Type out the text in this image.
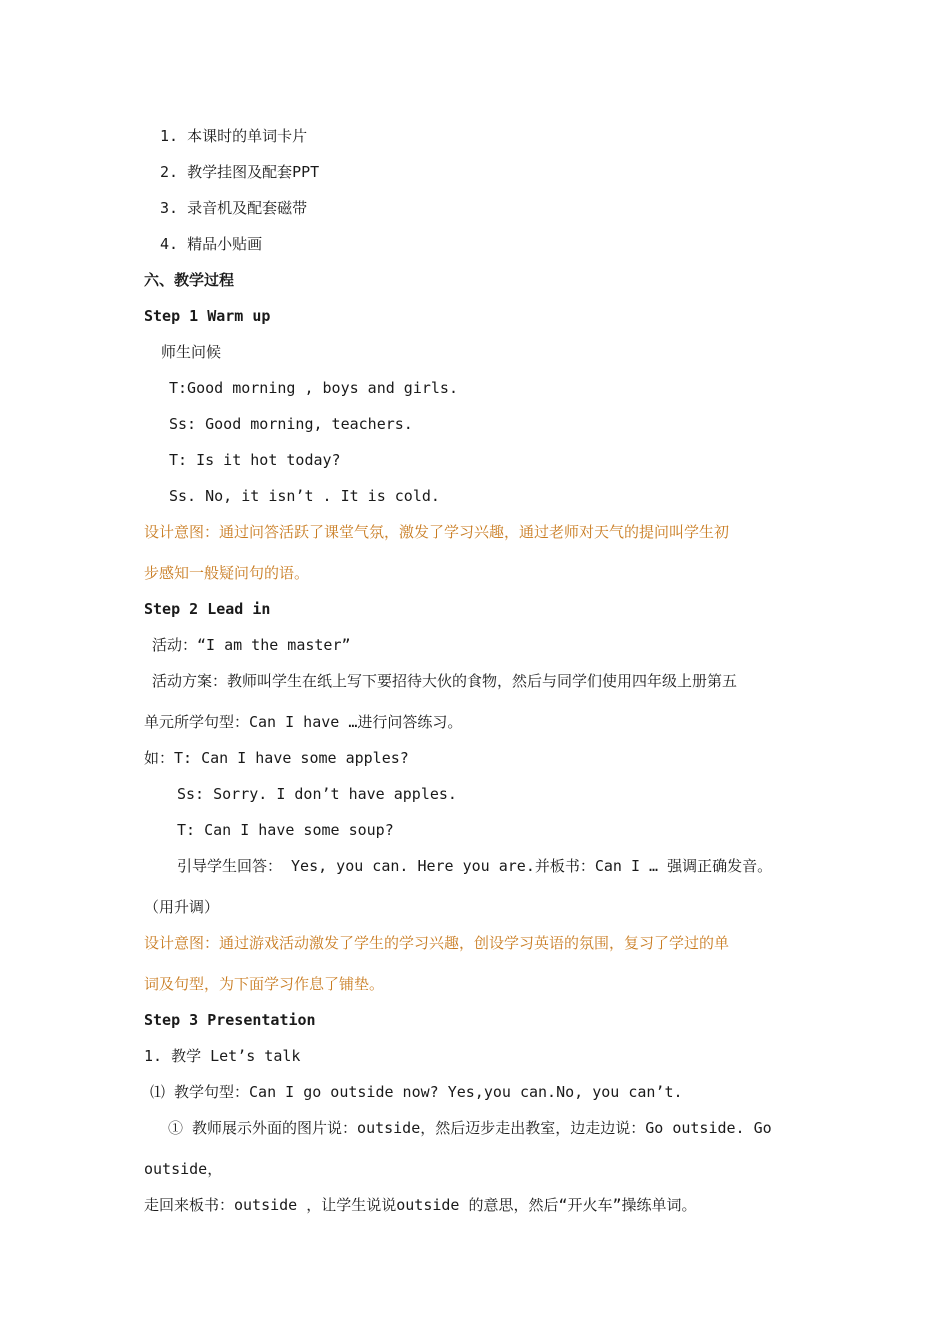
1. 本课时的单词卡片
2. 教学挂图及配套PPT
3. 录音机及配套磁带
4. 精品小贴画
六、教学过程
Step 1 Warm up
师生问候
T:Good morning , boys and girls.
Ss: Good morning, teachers.
T: Is it hot today?
Ss. No, it isn’t . It is cold.
设计意图：通过问答活跃了课堂气氛，激发了学习兴趣，通过老师对天气的提问叫学生初
步感知一般疑问句的语。
Step 2 Lead in
活动：“I am the master”
活动方案：教师叫学生在纸上写下要招待大伙的食物，然后与同学们使用四年级上册第五
单元所学句型：Can I have …进行问答练习。
如：T: Can I have some apples?
Ss: Sorry. I don’t have apples.
T: Can I have some soup?
引导学生回答： Yes, you can. Here you are.并板书：Can I … 强调正确发音。
（用升调）
设计意图：通过游戏活动激发了学生的学习兴趣，创设学习英语的氛围，复习了学过的单
词及句型，为下面学习作息了铺垫。
Step 3 Presentation
1. 教学 Let’s talk
⑴ 教学句型：Can I go outside now? Yes,you can.No, you can’t.
① 教师展示外面的图片说：outside，然后迈步走出教室，边走边说：Go outside. Go
outside，
走回来板书：outside ，让学生说说outside 的意思，然后“开火车”操练单词。
